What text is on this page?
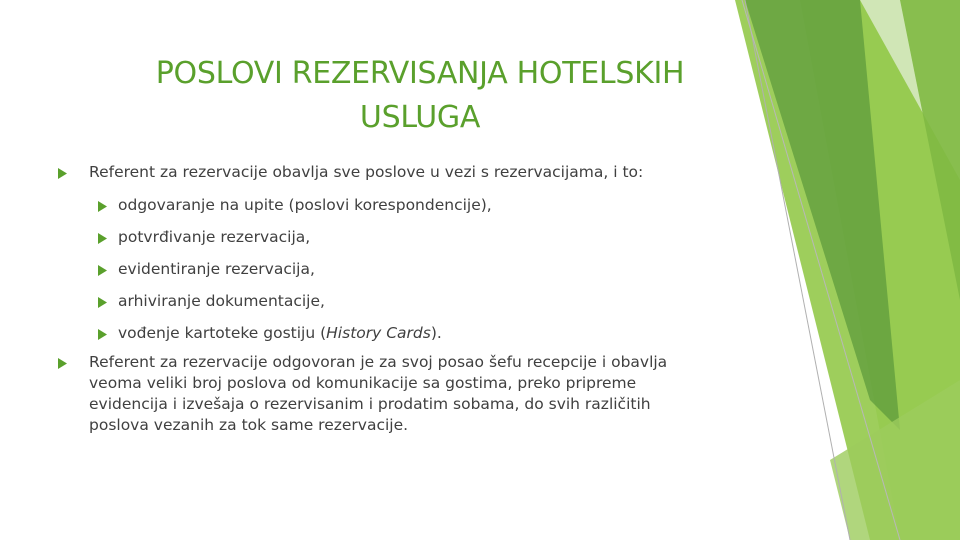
POSLOVI REZERVISANJA HOTELSKIH
USLUGA
Referent za rezervacije obavlja sve poslove u vezi s rezervacijama, i to:
odgovaranje na upite (poslovi korespondencije),
potvrđivanje rezervacija,
evidentiranje rezervacija,
arhiviranje dokumentacije,
vođenje kartoteke gostiju (History Cards).
Referent za rezervacije odgovoran je za svoj posao šefu recepcije i obavlja veoma veliki broj poslova od komunikacije sa gostima, preko pripreme evidencija i izvešaja o rezervisanim i prodatim sobama, do svih različitih poslova vezanih za tok same rezervacije.
